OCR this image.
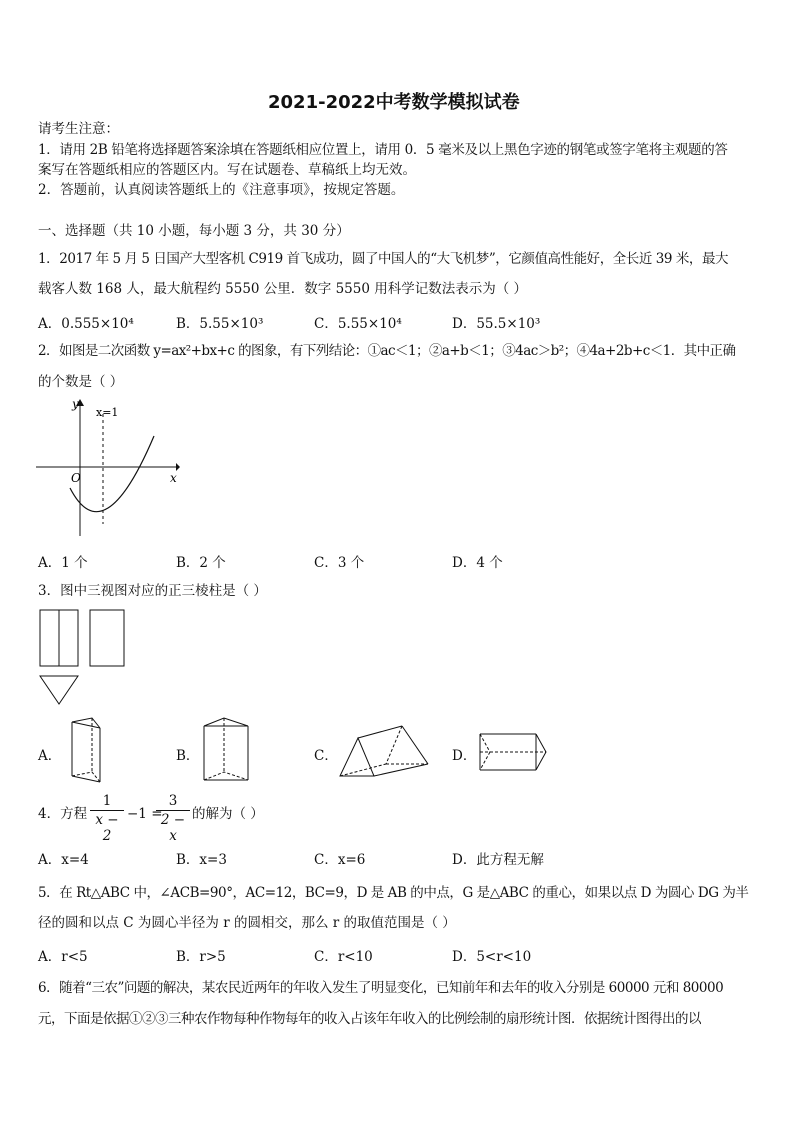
2021-2022中考数学模拟试卷
请考生注意：
1．请用 2B 铅笔将选择题答案涂填在答题纸相应位置上，请用 0．5 毫米及以上黑色字迹的钢笔或签字笔将主观题的答
案写在答题纸相应的答题区内。写在试题卷、草稿纸上均无效。
2．答题前，认真阅读答题纸上的《注意事项》，按规定答题。
一、选择题（共 10 小题，每小题 3 分，共 30 分）
1．2017 年 5 月 5 日国产大型客机 C919 首飞成功，圆了中国人的“大飞机梦”，它颜值高性能好，全长近 39 米，最大
载客人数 168 人，最大航程约 5550 公里．数字 5550 用科学记数法表示为（ ）
A．0.555×10⁴	B．5.55×10³	C．5.55×10⁴	D．55.5×10³
2．如图是二次函数 y=ax²+bx+c 的图象，有下列结论：①ac＜1；②a+b＜1；③4ac＞b²；④4a+2b+c＜1．其中正确
的个数是（ ）
y
x
O
x=1
A．1 个	B．2 个	C．3 个	D．4 个
3．图中三视图对应的正三棱柱是（ ）
A．	B．	C．	D．
4．方程
1
x − 2
−1 =
3
2 − x
的解为（ ）
A．x=4	B．x=3	C．x=6	D．此方程无解
5．在 Rt△ABC 中，∠ACB=90°，AC=12，BC=9，D 是 AB 的中点，G 是△ABC 的重心，如果以点 D 为圆心 DG 为半
径的圆和以点 C 为圆心半径为 r 的圆相交，那么 r 的取值范围是（ ）
A．r<5	B．r>5	C．r<10	D．5<r<10
6．随着“三农”问题的解决，某农民近两年的年收入发生了明显变化，已知前年和去年的收入分别是 60000 元和 80000
元，下面是依据①②③三种农作物每种作物每年的收入占该年年收入的比例绘制的扇形统计图．依据统计图得出的以
